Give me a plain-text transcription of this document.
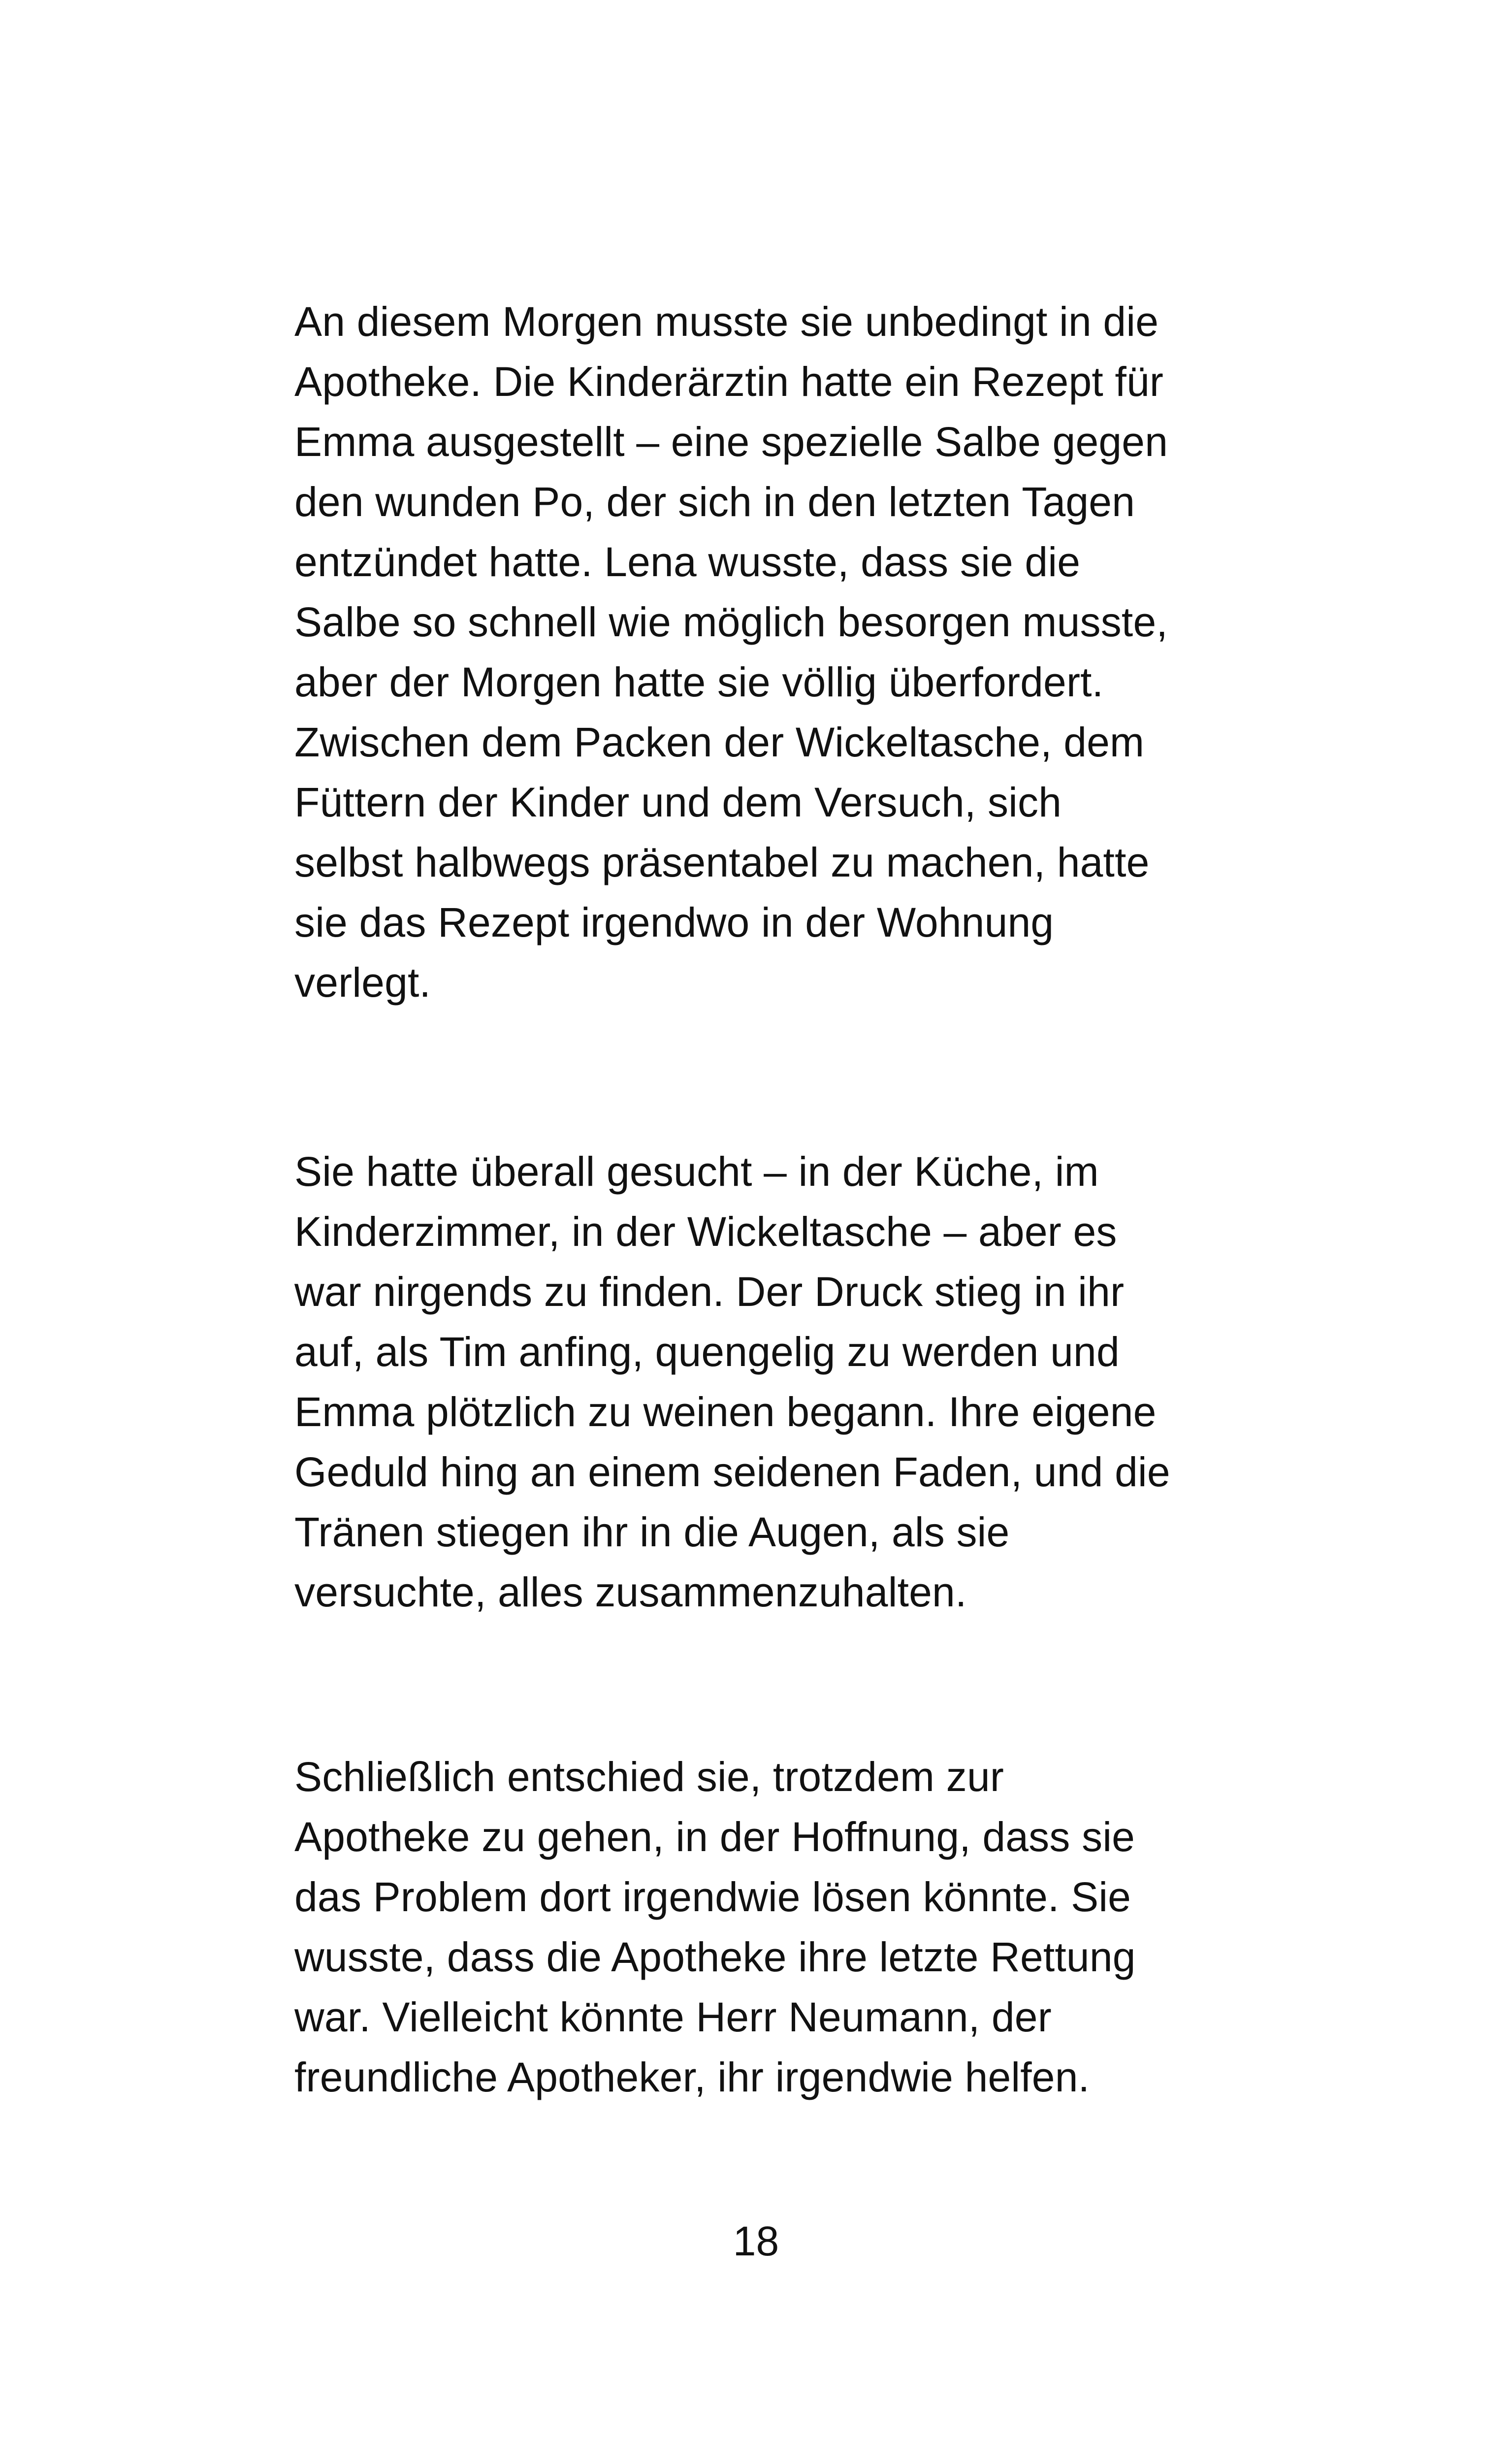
An diesem Morgen musste sie unbedingt in die
Apotheke. Die Kinderärztin hatte ein Rezept für
Emma ausgestellt – eine spezielle Salbe gegen
den wunden Po, der sich in den letzten Tagen
entzündet hatte. Lena wusste, dass sie die
Salbe so schnell wie möglich besorgen musste,
aber der Morgen hatte sie völlig überfordert.
Zwischen dem Packen der Wickeltasche, dem
Füttern der Kinder und dem Versuch, sich
selbst halbwegs präsentabel zu machen, hatte
sie das Rezept irgendwo in der Wohnung
verlegt.
Sie hatte überall gesucht – in der Küche, im
Kinderzimmer, in der Wickeltasche – aber es
war nirgends zu finden. Der Druck stieg in ihr
auf, als Tim anfing, quengelig zu werden und
Emma plötzlich zu weinen begann. Ihre eigene
Geduld hing an einem seidenen Faden, und die
Tränen stiegen ihr in die Augen, als sie
versuchte, alles zusammenzuhalten.
Schließlich entschied sie, trotzdem zur
Apotheke zu gehen, in der Hoffnung, dass sie
das Problem dort irgendwie lösen könnte. Sie
wusste, dass die Apotheke ihre letzte Rettung
war. Vielleicht könnte Herr Neumann, der
freundliche Apotheker, ihr irgendwie helfen.
18
